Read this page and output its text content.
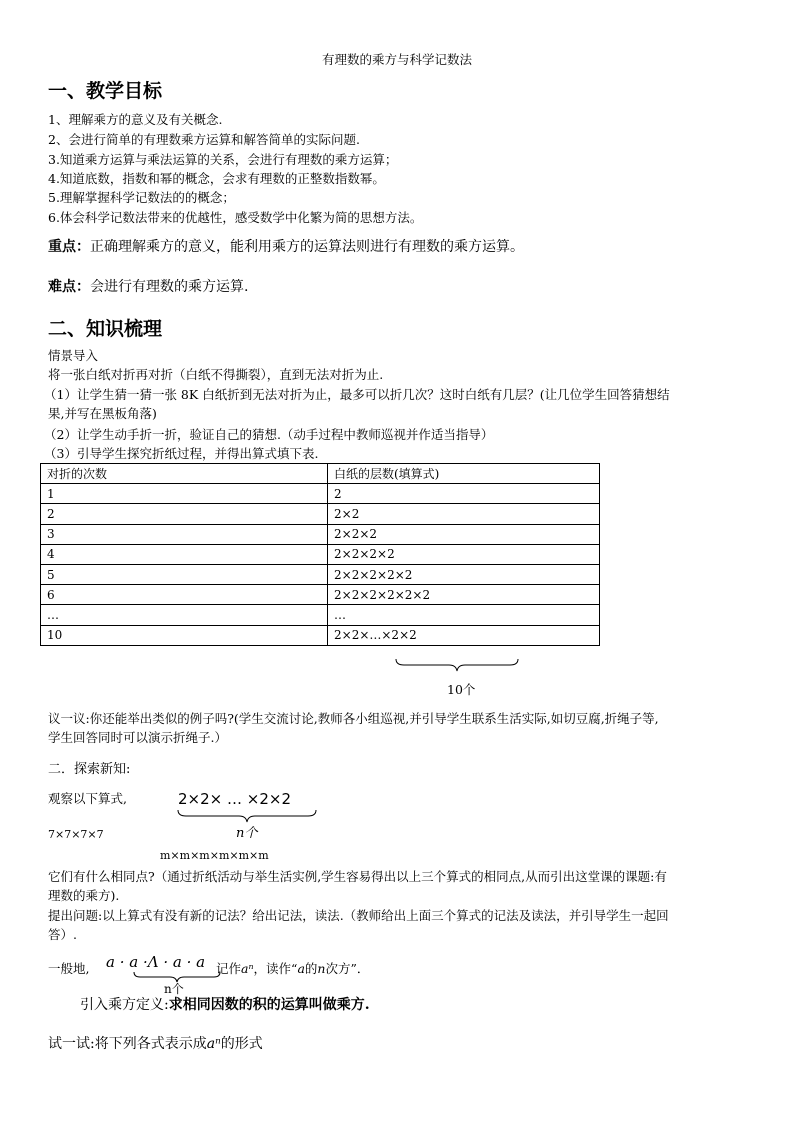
有理数的乘方与科学记数法
一、教学目标
1、理解乘方的意义及有关概念.
2、会进行简单的有理数乘方运算和解答简单的实际问题.
3.知道乘方运算与乘法运算的关系，会进行有理数的乘方运算；
4.知道底数，指数和幂的概念，会求有理数的正整数指数幂。
5.理解掌握科学记数法的的概念；
6.体会科学记数法带来的优越性，感受数学中化繁为简的思想方法。
重点：正确理解乘方的意义，能利用乘方的运算法则进行有理数的乘方运算。
难点：会进行有理数的乘方运算.
二、知识梳理
情景导入
将一张白纸对折再对折（白纸不得撕裂），直到无法对折为止.
（1）让学生猜一猜一张 8K 白纸折到无法对折为止，最多可以折几次？这时白纸有几层？(让几位学生回答猜想结
果,并写在黑板角落)
（2）让学生动手折一折，验证自己的猜想.（动手过程中教师巡视并作适当指导）
（3）引导学生探究折纸过程，并得出算式填下表.
对折的次数	白纸的层数(填算式)
1	2
2	2×2
3	2×2×2
4	2×2×2×2
5	2×2×2×2×2
6	2×2×2×2×2×2
…	…
10	2×2×…×2×2
10个
议一议:你还能举出类似的例子吗?(学生交流讨论,教师各小组巡视,并引导学生联系生活实际,如切豆腐,折绳子等,
学生回答同时可以演示折绳子.）
二．探索新知:
观察以下算式,	2×2× … ×2×2
n个
7×7×7×7
m×m×m×m×m×m
它们有什么相同点?（通过折纸活动与举生活实例,学生容易得出以上三个算式的相同点,从而引出这堂课的课题:有
理数的乘方).
提出问题:以上算式有没有新的记法？给出记法，读法.（教师给出上面三个算式的记法及读法，并引导学生一起回
答）.
一般地, a · a ·Λ · a · a
n个
记作aⁿ，读作“a的n次方”．
引入乘方定义:求相同因数的积的运算叫做乘方.
试一试:将下列各式表示成aⁿ的形式
